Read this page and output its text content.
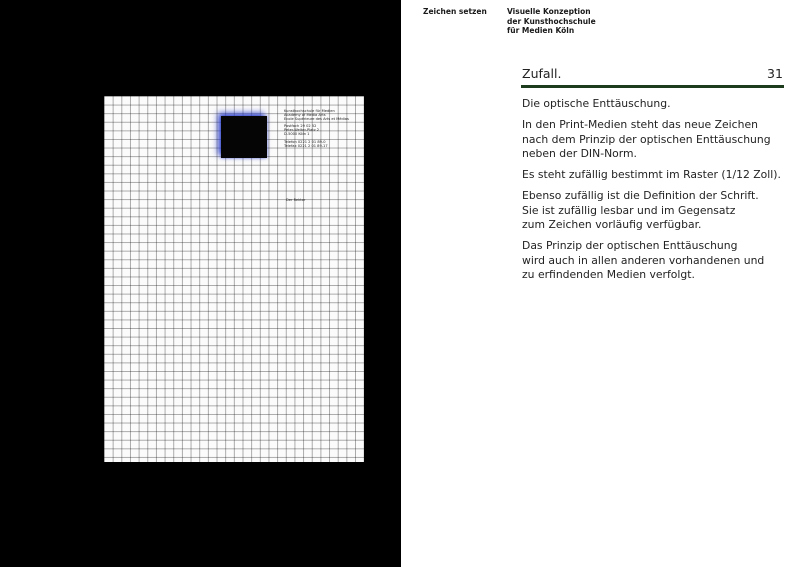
Kunsthochschule für Medien
Academy of Media Arts
Ecole Supérieure des Arts et Médias
Postfach 29 02 52
Peter-Welter-Platz 2
D-5000 Köln 1
Telefon 0221 2 01 89-0
Telefax 0221 2 01 89-17
Der Rektor
Zeichen setzen	Visuelle Konzeption
der Kunsthochschule
für Medien Köln
Zufall.	31

Die optische Enttäuschung.

In den Print-Medien steht das neue Zeichen
nach dem Prinzip der optischen Enttäuschung
neben der DIN-Norm.

Es steht zufällig bestimmt im Raster (1/12 Zoll).

Ebenso zufällig ist die Definition der Schrift.
Sie ist zufällig lesbar und im Gegensatz
zum Zeichen vorläufig verfügbar.

Das Prinzip der optischen Enttäuschung
wird auch in allen anderen vorhandenen und
zu erfindenden Medien verfolgt.
